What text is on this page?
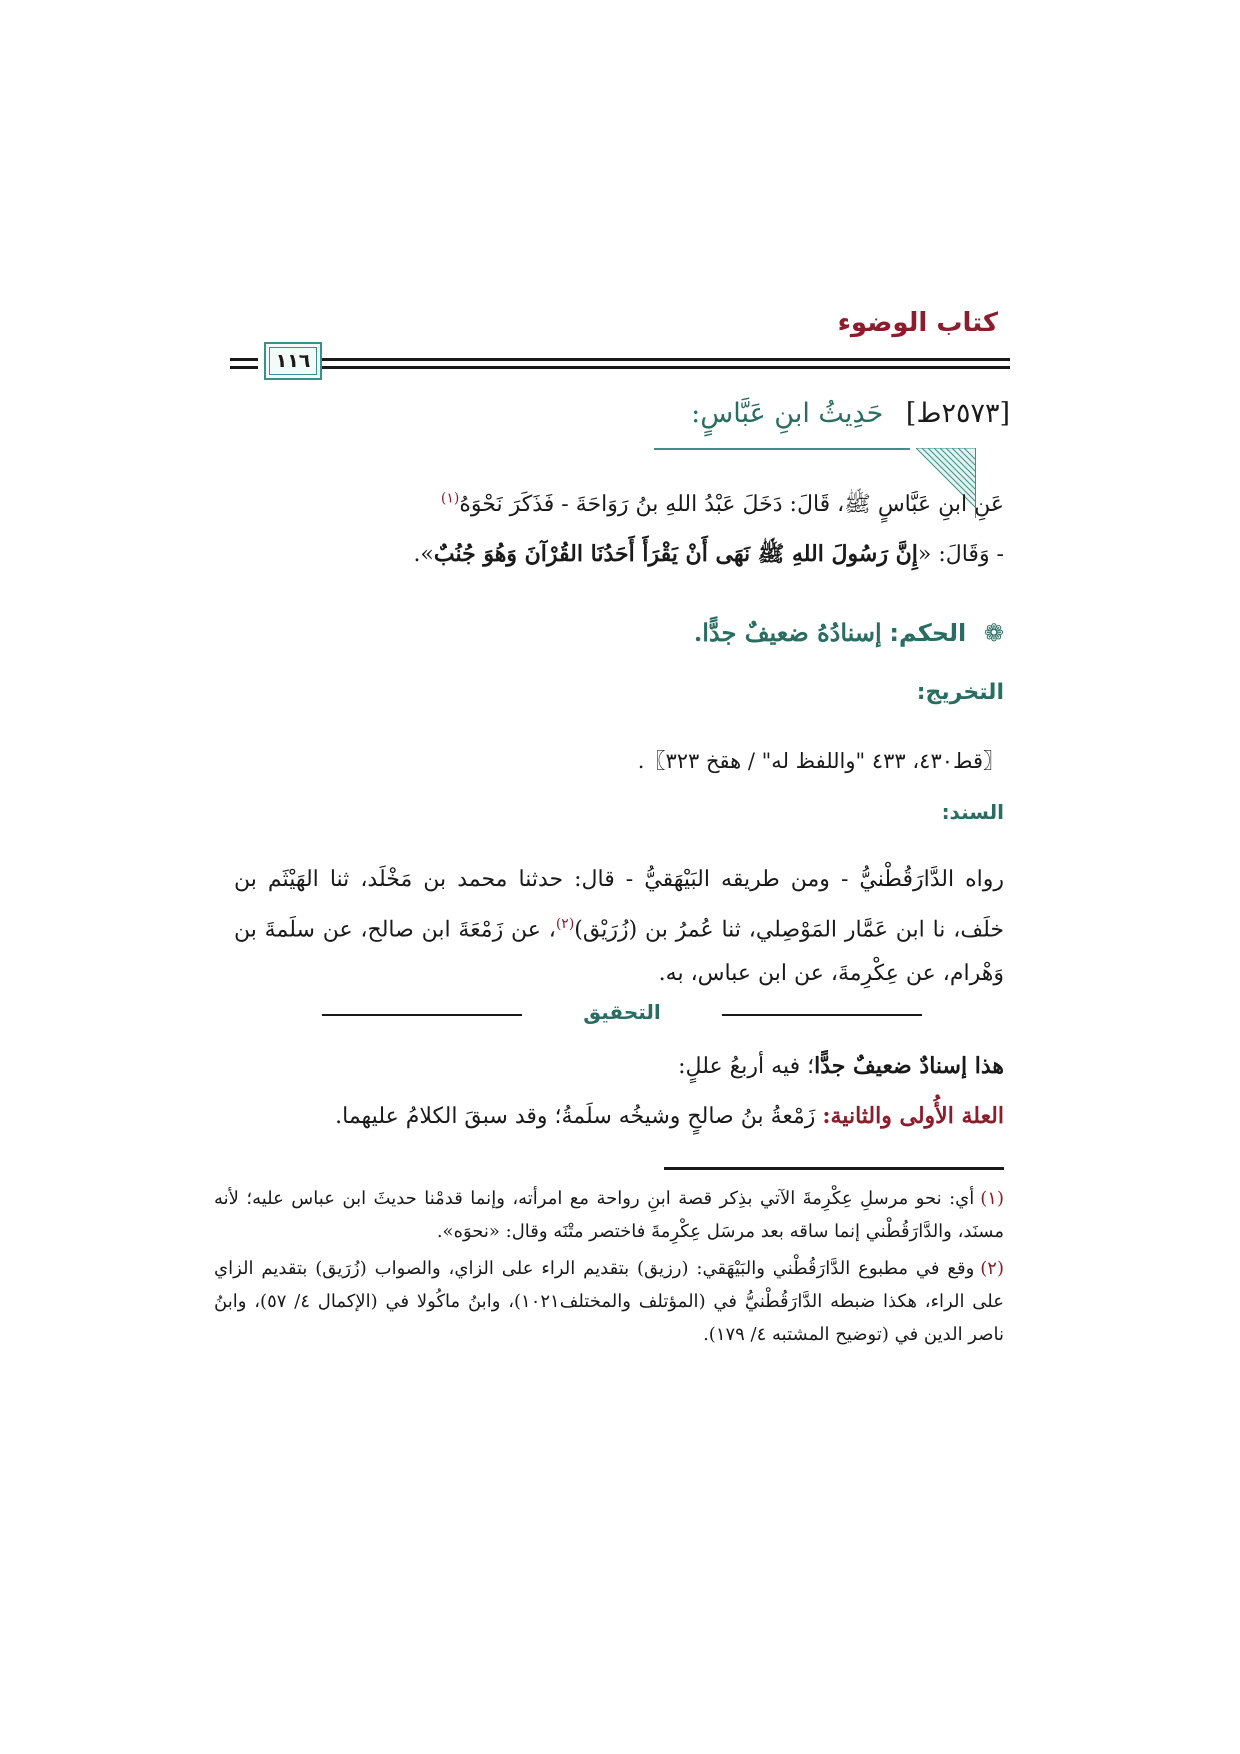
كتاب الوضوء
١١٦
[٢٥٧٣ط] حَدِيثُ ابنِ عَبَّاسٍ:
عَنِ ابنِ عَبَّاسٍ ﷺ، قَالَ: دَخَلَ عَبْدُ اللهِ بنُ رَوَاحَةَ - فَذَكَرَ نَحْوَهُ$^{(١)}$
- وَقَالَ: «إِنَّ رَسُولَ اللهِ ﷺ نَهَى أَنْ يَقْرَأَ أَحَدُنَا القُرْآنَ وَهُوَ جُنُبٌ».
❁ الحكم: إسنادُهُ ضعيفٌ جدًّا.
التخريج:
〖قط٤٣٠، ٤٣٣ "واللفظ له" / هقخ ٣٢٣〗.
السند:
رواه الدَّارَقُطْنيُّ - ومن طريقه البَيْهَقيُّ - قال: حدثنا محمد بن مَخْلَد، ثنا الهَيْثَم بن خلَف، نا ابن عَمَّار المَوْصِلي، ثنا عُمرُ بن (زُرَيْق)$^{(٢)}$، عن زَمْعَةَ ابن صالح، عن سلَمةَ بن وَهْرام، عن عِكْرِمةَ، عن ابن عباس، به.
التحقيق
هذا إسنادٌ ضعيفٌ جدًّا؛ فيه أربعُ عللٍ:
العلة الأُولى والثانية: زَمْعةُ بنُ صالحٍ وشيخُه سلَمةُ؛ وقد سبقَ الكلامُ عليهما.
(١)أي: نحو مرسلِ عِكْرِمةَ الآتي بذِكر قصة ابنِ رواحة مع امرأته، وإنما قدمْنا حديثَ ابن عباس عليه؛ لأنه مسنَد، والدَّارَقُطْني إنما ساقه بعد مرسَل عِكْرِمةَ فاختصر متْنَه وقال: «نحوَه».
(٢)وقع في مطبوع الدَّارَقُطْني والبَيْهَقي: (رزيق) بتقديم الراء على الزاي، والصواب (زُرَيق) بتقديم الزاي على الراء، هكذا ضبطه الدَّارَقُطْنيُّ في (المؤتلف والمختلف١٠٢١)، وابنُ ماكُولا في (الإكمال ٤/ ٥٧)، وابنُ ناصر الدين في (توضيح المشتبه ٤/ ١٧٩).
